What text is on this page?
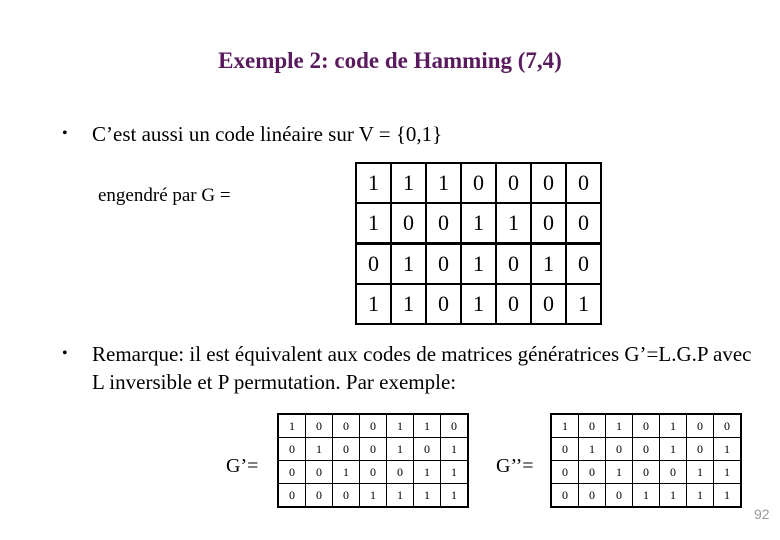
Exemple 2: code de Hamming (7,4)
• C’est aussi un code linéaire sur V = {0,1}
engendré par G =
1	1	1	0	0	0	0
1	0	0	1	1	0	0
0	1	0	1	0	1	0
1	1	0	1	0	0	1
• Remarque: il est équivalent aux codes de matrices génératrices G’=L.G.P avec L inversible et P permutation. Par exemple:
G’=
1	0	0	0	1	1	0
0	1	0	0	1	0	1
0	0	1	0	0	1	1
0	0	0	1	1	1	1
G’’=
1	0	1	0	1	0	0
0	1	0	0	1	0	1
0	0	1	0	0	1	1
0	0	0	1	1	1	1
92
